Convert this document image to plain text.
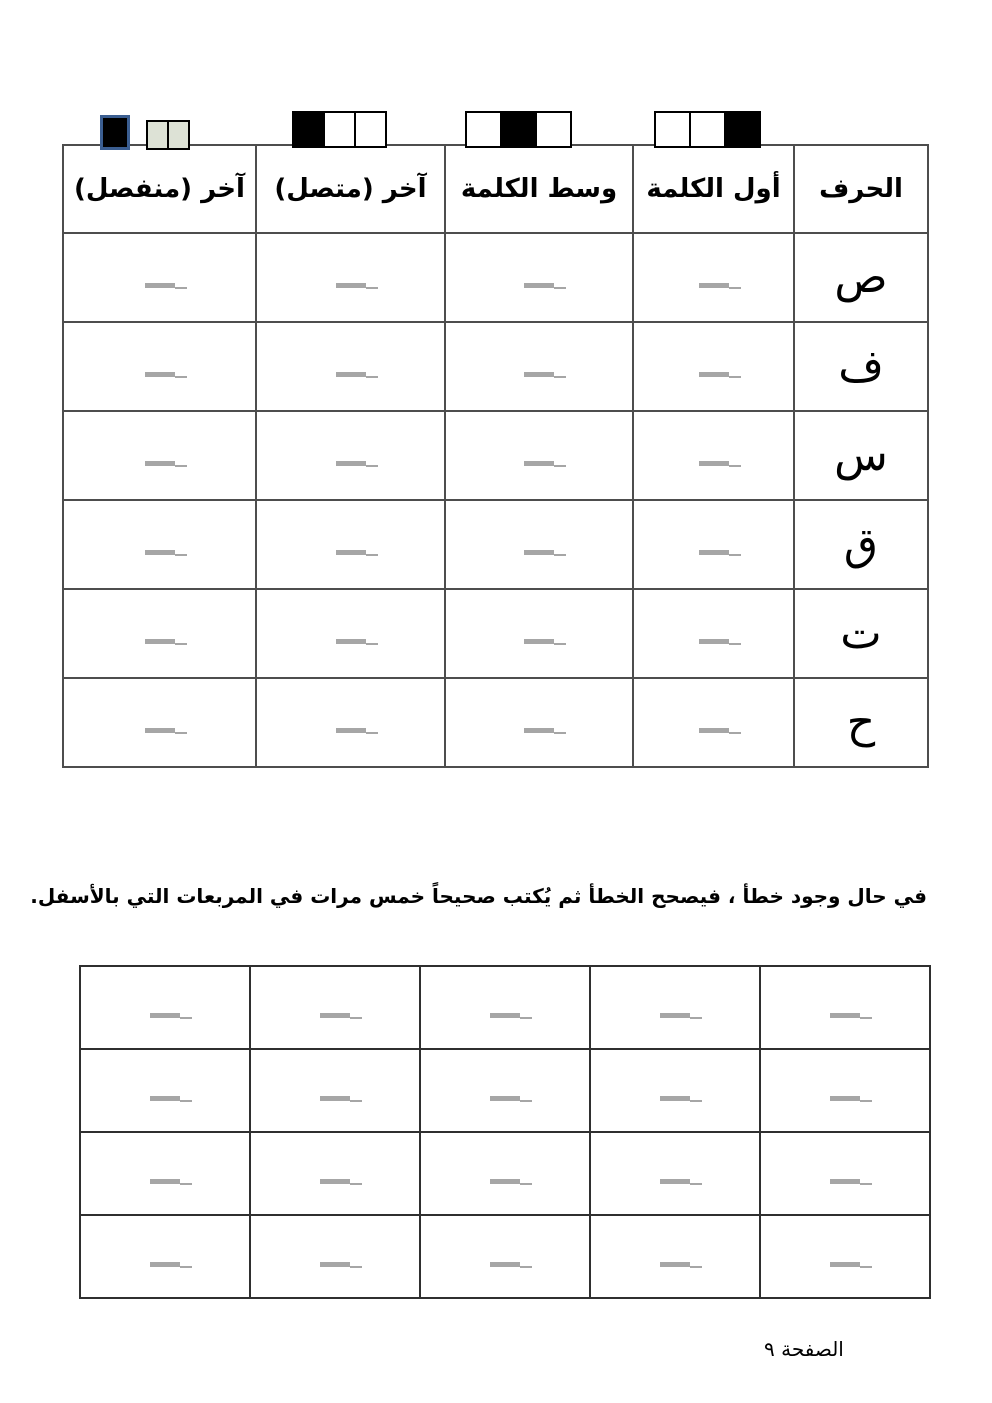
الحرف	أول الكلمة	وسط الكلمة	آخر (متصل)	آخر (منفصل)
ص				
ف				
س				
ق				
ت				
ح				

في حال وجود خطأ ، فيصحح الخطأ ثم يُكتب صحيحاً خمس مرات في المربعات التي بالأسفل.

الصفحة ٩
